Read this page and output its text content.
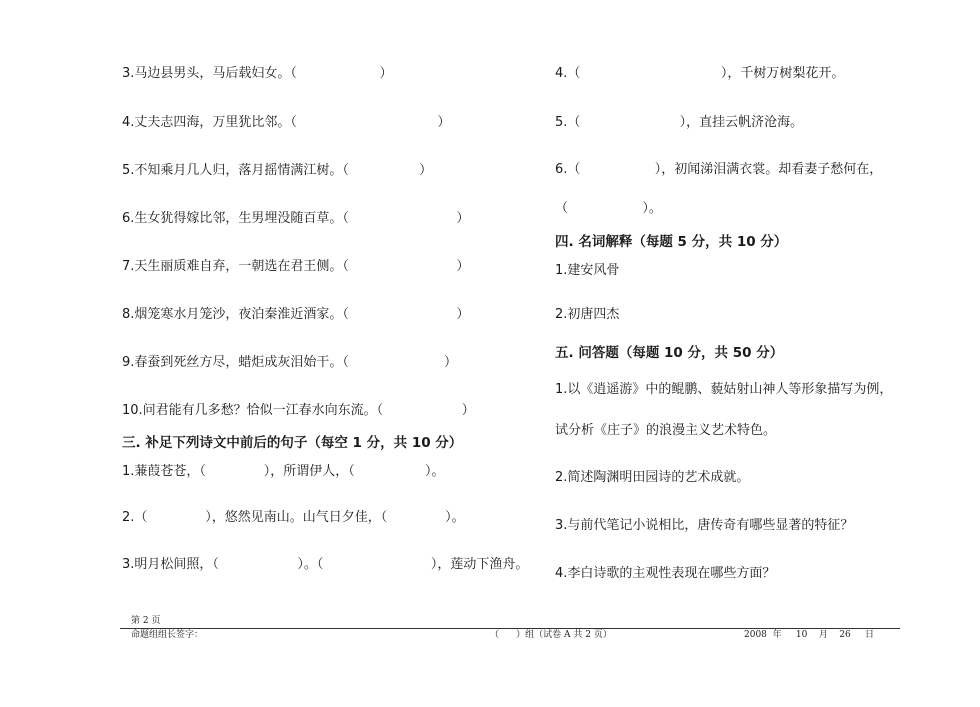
3.马边县男头，马后载妇女。（                    ）
4.丈夫志四海，万里犹比邻。（                                  ）
5.不知乘月几人归，落月摇情满江树。（                 ）
6.生女犹得嫁比邻，生男埋没随百草。（                          ）
7.天生丽质难自弃，一朝选在君王侧。（                          ）
8.烟笼寒水月笼沙，夜泊秦淮近酒家。（                          ）
9.春蚕到死丝方尽，蜡炬成灰泪始干。（                       ）
10.问君能有几多愁？恰似一江春水向东流。（                   ）
三. 补足下列诗文中前后的句子（每空 1 分，共 10 分）
1.蒹葭苍苍，（              ），所谓伊人，（                 ）。
2.（              ），悠然见南山。山气日夕佳，（              ）。
3.明月松间照，（                   ）。（                          ），莲动下渔舟。
4.（                                  ），千树万树梨花开。
5.（                        ），直挂云帆济沧海。
6.（                  ），初闻涕泪满衣裳。却看妻子愁何在，
（                  ）。
四. 名词解释（每题 5 分，共 10 分）
1.建安风骨
2.初唐四杰
五. 问答题（每题 10 分，共 50 分）
1.以《逍遥游》中的鲲鹏、藐姑射山神人等形象描写为例，
试分析《庄子》的浪漫主义艺术特色。
2.简述陶渊明田园诗的艺术成就。
3.与前代笔记小说相比，唐传奇有哪些显著的特征？
4.李白诗歌的主观性表现在哪些方面？
第 2 页
命题组组长签字：	（      ）组（试卷 A 共 2 页）	2008  年     10    月    26     日
